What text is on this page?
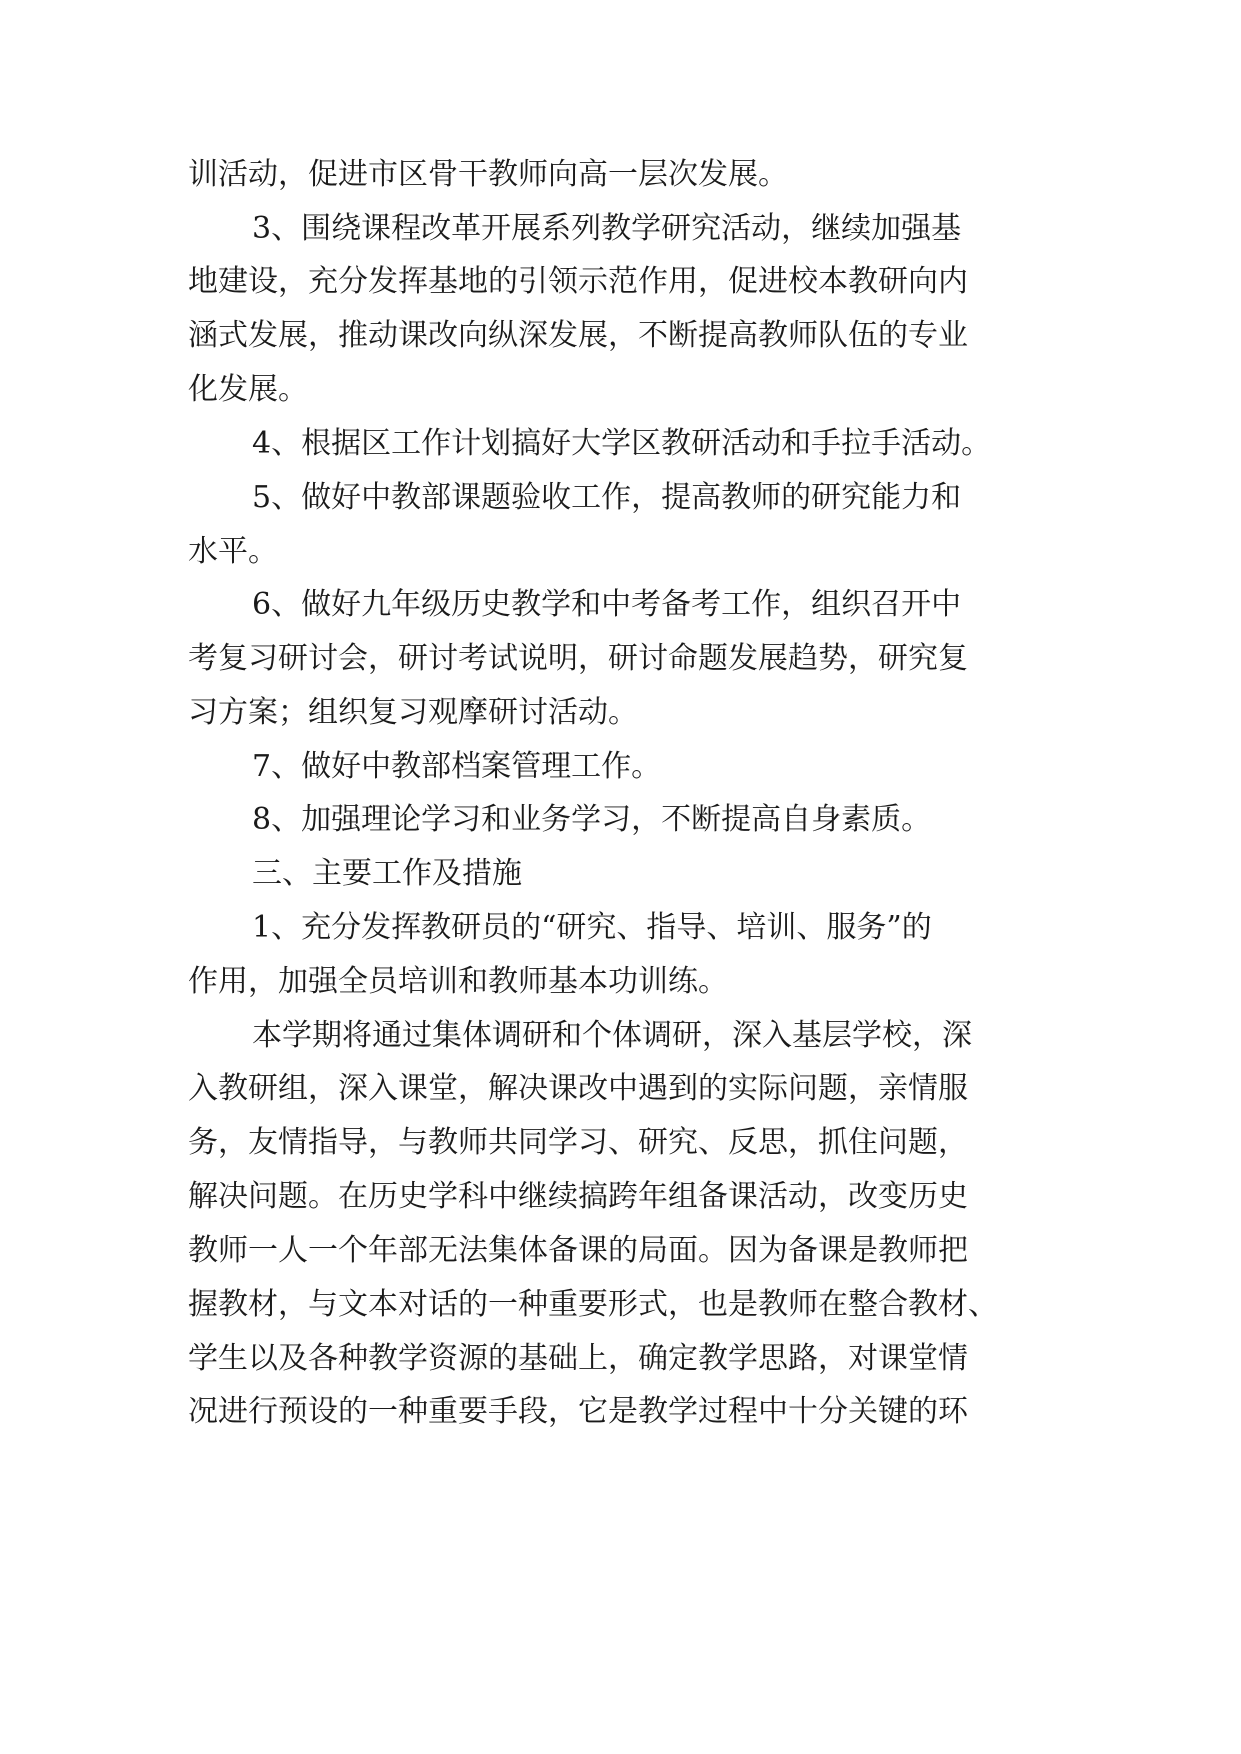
训活动，促进市区骨干教师向高一层次发展。
3、围绕课程改革开展系列教学研究活动，继续加强基
地建设，充分发挥基地的引领示范作用，促进校本教研向内
涵式发展，推动课改向纵深发展，不断提高教师队伍的专业
化发展。
4、根据区工作计划搞好大学区教研活动和手拉手活动。
5、做好中教部课题验收工作，提高教师的研究能力和
水平。
6、做好九年级历史教学和中考备考工作，组织召开中
考复习研讨会，研讨考试说明，研讨命题发展趋势，研究复
习方案；组织复习观摩研讨活动。
7、做好中教部档案管理工作。
8、加强理论学习和业务学习，不断提高自身素质。
三、主要工作及措施
1、充分发挥教研员的“研究、指导、培训、服务”的
作用，加强全员培训和教师基本功训练。
本学期将通过集体调研和个体调研，深入基层学校，深
入教研组，深入课堂，解决课改中遇到的实际问题，亲情服
务，友情指导，与教师共同学习、研究、反思，抓住问题，
解决问题。在历史学科中继续搞跨年组备课活动，改变历史
教师一人一个年部无法集体备课的局面。因为备课是教师把
握教材，与文本对话的一种重要形式，也是教师在整合教材、
学生以及各种教学资源的基础上，确定教学思路，对课堂情
况进行预设的一种重要手段，它是教学过程中十分关键的环
